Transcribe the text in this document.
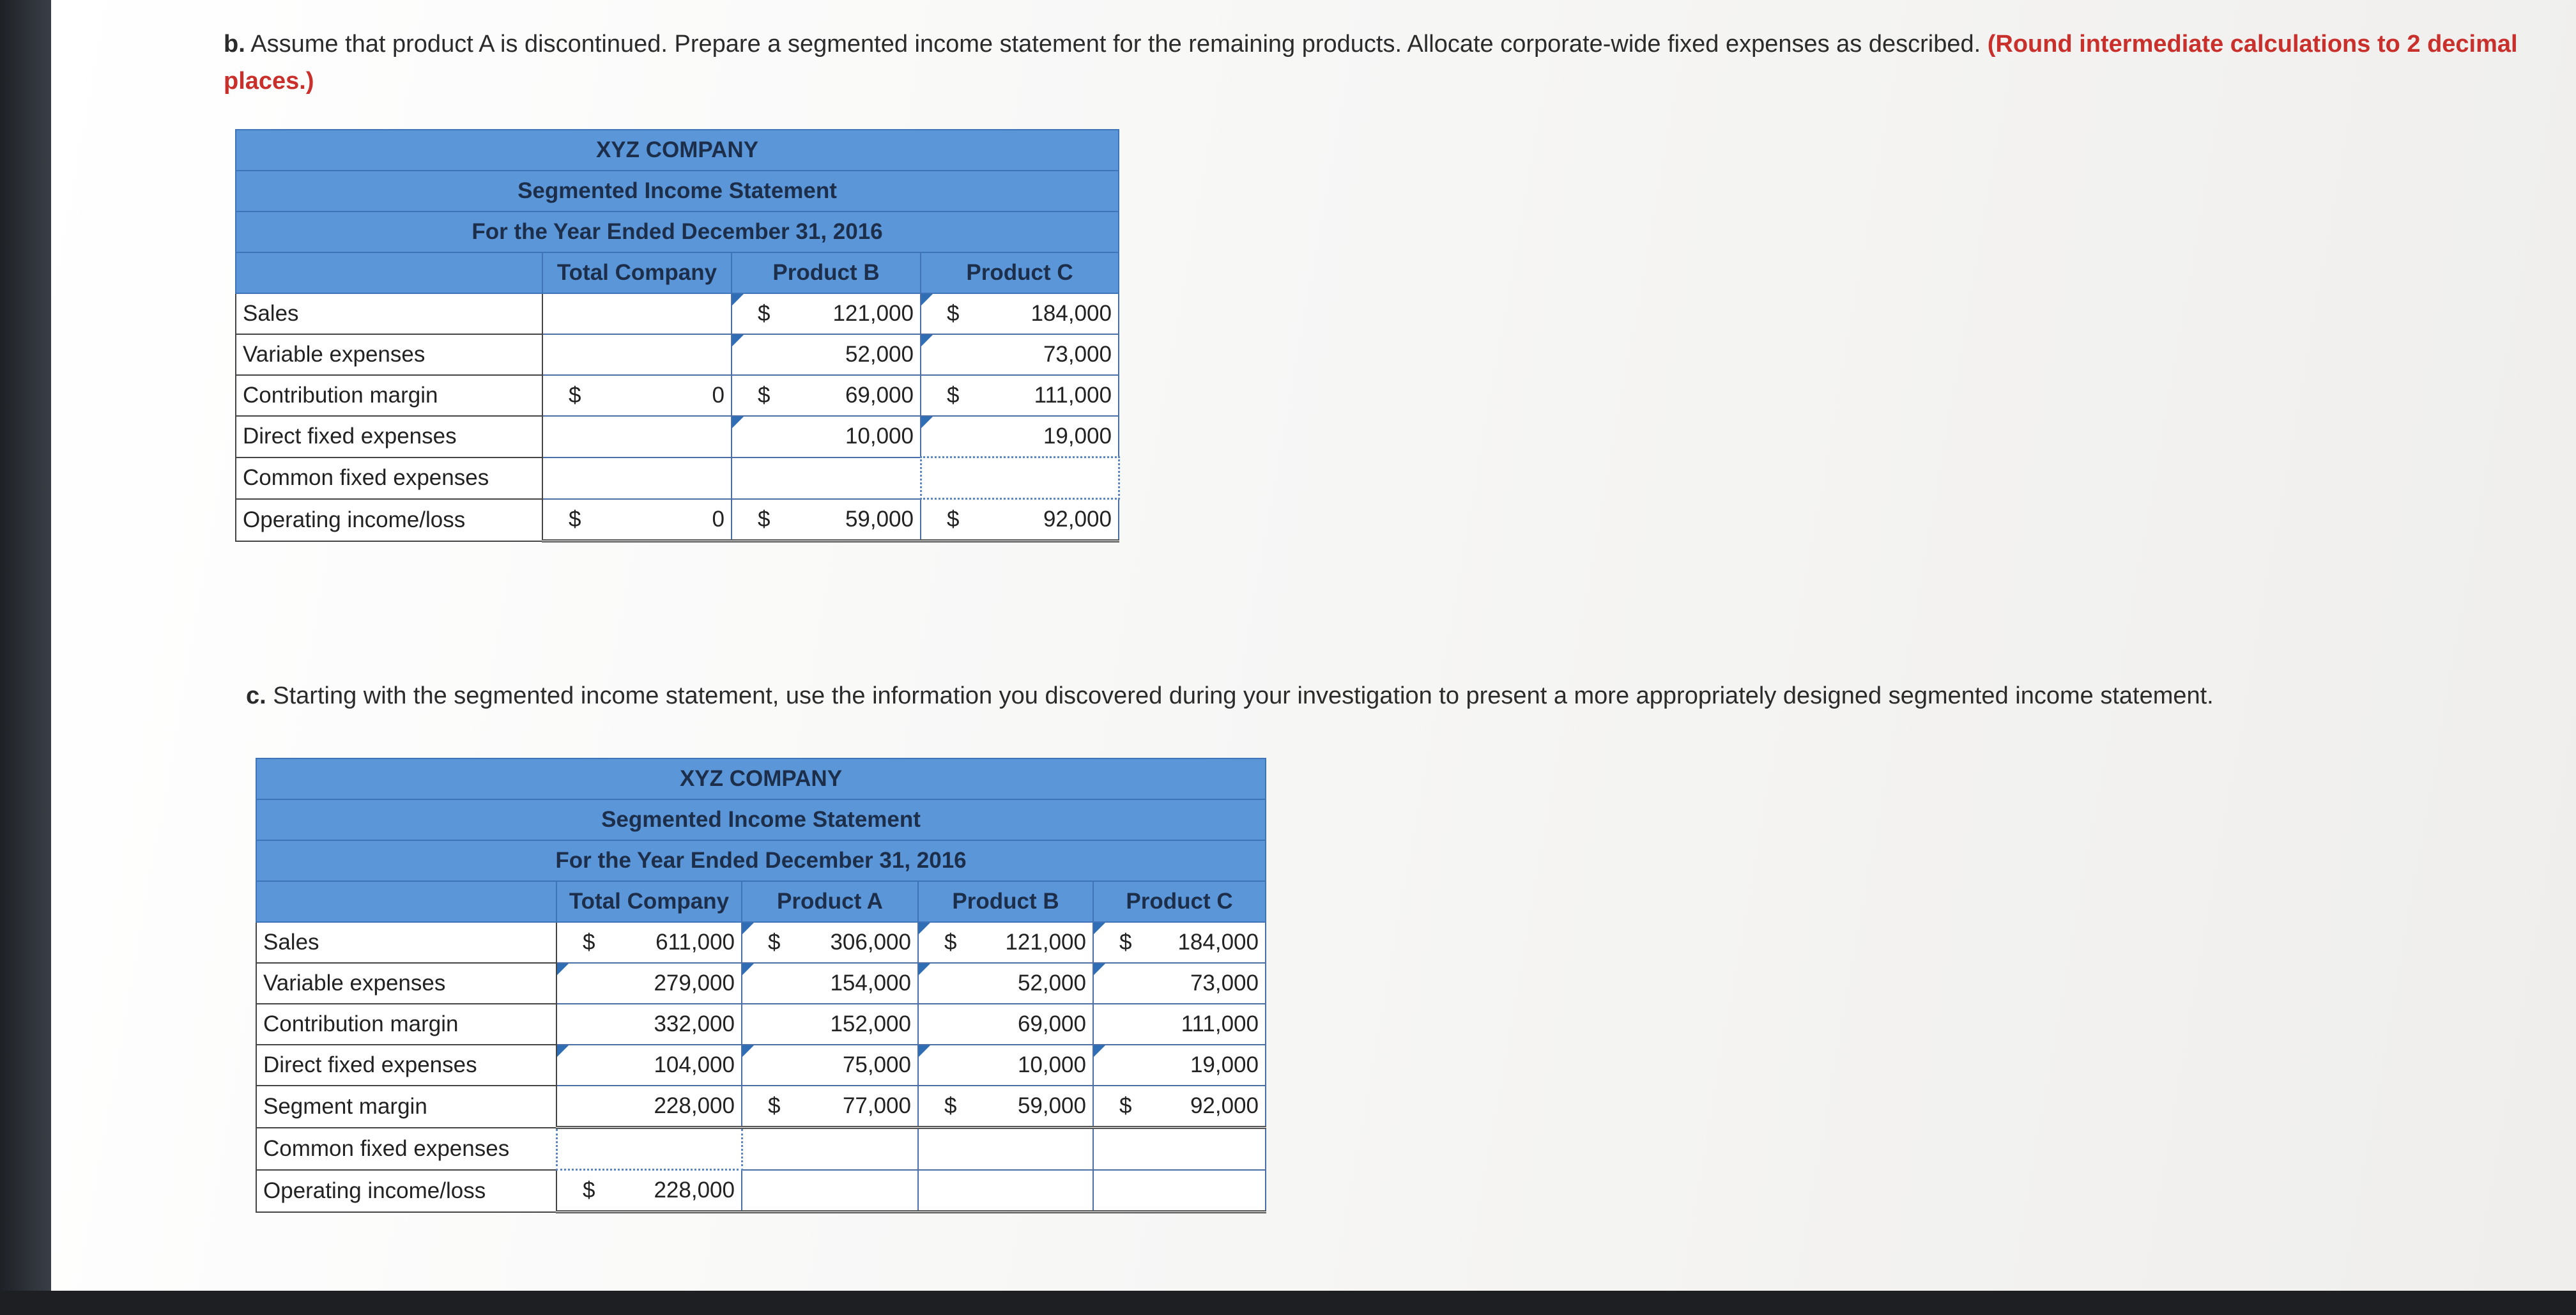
b. Assume that product A is discontinued. Prepare a segmented income statement for the remaining products. Allocate corporate-wide fixed expenses as described. (Round intermediate calculations to 2 decimal places.)
XYZ COMPANY			
Segmented Income Statement			
For the Year Ended December 31, 2016			
	Total Company	Product B	Product C
Sales		$ 121,000	$ 184,000
Variable expenses		52,000	73,000
Contribution margin	$ 0	$ 69,000	$ 111,000
Direct fixed expenses		10,000	19,000
Common fixed expenses			
Operating income/loss	$ 0	$ 59,000	$ 92,000
c. Starting with the segmented income statement, use the information you discovered during your investigation to present a more appropriately designed segmented income statement.
XYZ COMPANY				
Segmented Income Statement				
For the Year Ended December 31, 2016				
	Total Company	Product A	Product B	Product C
Sales	$ 611,000	$ 306,000	$ 121,000	$ 184,000
Variable expenses	279,000	154,000	52,000	73,000
Contribution margin	332,000	152,000	69,000	111,000
Direct fixed expenses	104,000	75,000	10,000	19,000
Segment margin	228,000	$ 77,000	$ 59,000	$ 92,000
Common fixed expenses				
Operating income/loss	$ 228,000			
